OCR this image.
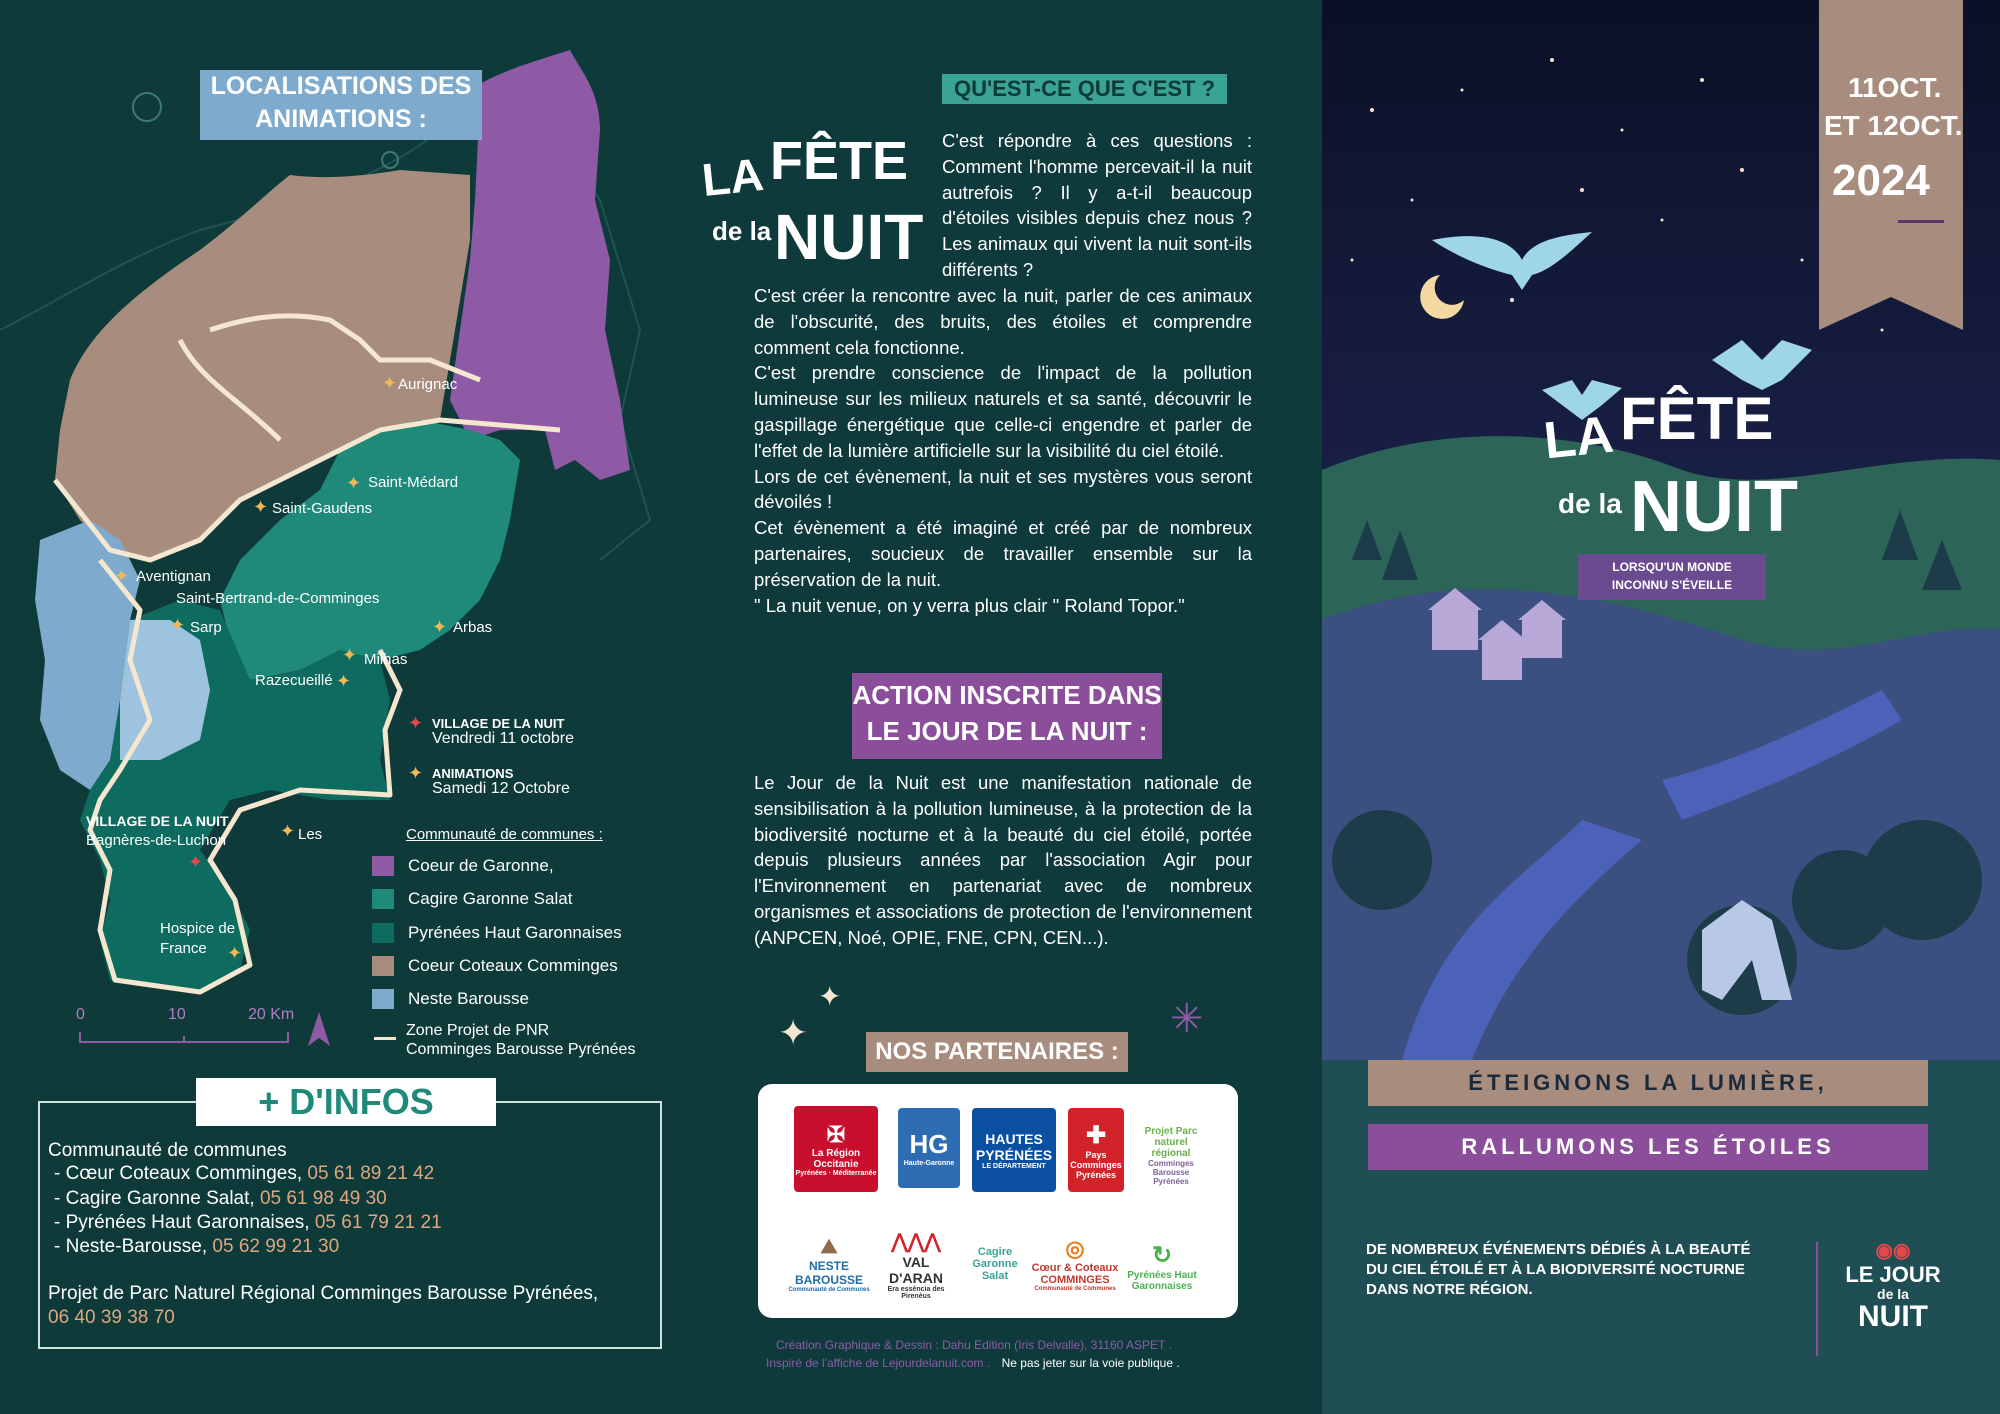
LOCALISATIONS DES
ANIMATIONS :
✦ Aurignac
✦ Saint-Médard
✦ Saint-Gaudens
✦ Aventignan
Saint-Bertrand-de-Comminges
✦ Sarp	✦ Arbas
✦ Milhas
Razecueillé ✦
✦ Les
VILLAGE DE LA NUIT
Bagnères-de-Luchon
✦
Hospice de
France ✦
✦ VILLAGE DE LA NUIT
Vendredi 11 octobre
✦ ANIMATIONS
Samedi 12 Octobre
Communauté de communes :
Coeur de Garonne,
Cagire Garonne Salat
Pyrénées Haut Garonnaises
Coeur Coteaux Comminges
Neste Barousse
Zone Projet de PNR
Comminges Barousse Pyrénées
0	10	20 Km
+ D'INFOS
Communauté de communes
- Cœur Coteaux Comminges, 05 61 89 21 42
- Cagire Garonne Salat, 05 61 98 49 30
- Pyrénées Haut Garonnaises, 05 61 79 21 21
- Neste-Barousse, 05 62 99 21 30
Projet de Parc Naturel Régional Comminges Barousse Pyrénées,
06 40 39 38 70
LA FÊTE
de la NUIT
QU'EST-CE QUE C'EST ?

C'est répondre à ces questions : Comment l'homme percevait-il la nuit autrefois ? Il y a-t-il beaucoup d'étoiles visibles depuis chez nous ? Les animaux qui vivent la nuit sont-ils différents ?

C'est créer la rencontre avec la nuit, parler de ces animaux de l'obscurité, des bruits, des étoiles et comprendre comment cela fonctionne.

C'est prendre conscience de l'impact de la pollution lumineuse sur les milieux naturels et sa santé, découvrir le gaspillage énergétique que celle-ci engendre et parler de l'effet de la lumière artificielle sur la visibilité du ciel étoilé.

Lors de cet évènement, la nuit et ses mystères vous seront dévoilés !

Cet évènement a été imaginé et créé par de nombreux partenaires, soucieux de travailler ensemble sur la préservation de la nuit.

" La nuit venue, on y verra plus clair " Roland Topor."

ACTION INSCRITE DANS
LE JOUR DE LA NUIT :
Le Jour de la Nuit est une manifestation nationale de sensibilisation à la pollution lumineuse, à la protection de la biodiversité nocturne et à la beauté du ciel étoilé, portée depuis plusieurs années par l'association Agir pour l'Environnement en partenariat avec de nombreux organismes et associations de protection de l'environnement (ANPCEN, Noé, OPIE, FNE, CPN, CEN...).
✦
✦	✳
NOS PARTENAIRES :
✠
La Région Occitanie
Pyrénées · Méditerranée
HG
Haute-Garonne
HAUTES PYRÉNÉES
LE DÉPARTEMENT
✚
Pays Comminges Pyrénées
Projet Parc naturel régional
Comminges Barousse Pyrénées
⛰
NESTE BAROUSSE
Communauté de Communes
⋀⋀⋀
VAL D'ARAN
Era essència des Pirenèus
Cagire Garonne Salat
◎
Cœur & Coteaux COMMINGES
Communauté de Communes
↻
Pyrénées Haut Garonnaises
Création Graphique & Dessin : Dahu Edition (Iris Delvalle), 31160 ASPET .
Inspiré de l'affiche de Lejourdelanuit.com . Ne pas jeter sur la voie publique .
11OCT.
ET 12OCT.
2024
LA FÊTE
de la NUIT
LORSQU'UN MONDE
INCONNU S'ÉVEILLE
ÉTEIGNONS LA LUMIÈRE,
RALLUMONS LES ÉTOILES
DE NOMBREUX ÉVÉNEMENTS DÉDIÉS À LA BEAUTÉ DU CIEL ÉTOILÉ ET À LA BIODIVERSITÉ NOCTURNE DANS NOTRE RÉGION.
◉◉
LE JOUR
de la
NUIT
